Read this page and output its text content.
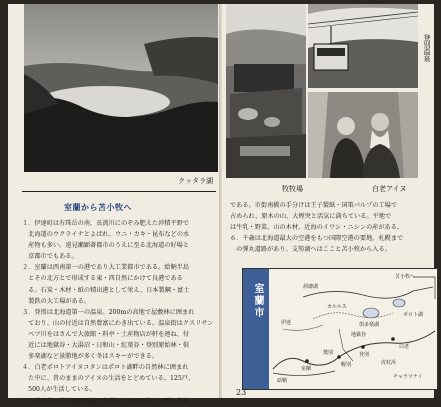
クッタラ湖
室蘭から苫小牧へ

１．伊達町は有珠岳の南、長流川にのぞみ肥えた沖積平野で

　北海道のウクライナとよばれ、ウニ・カキ・昆布などの水

　産物も多い。遠見瀬顕著都市のうえに至る北海道の好場と

　京都市でもある。

２．室蘭は西南第一の港であり大工業都市である。絵鞆半島

　とその北方とで形成する東・西自然にかけて良港である

　る。石炭・木材・紙の積出港として栄え、日本製鋼・富士

　製鉄の大工場がある。

３．登別は北海道第一の温泉。200mの高地で屋敷林に囲まれ

　ており、山の付近は自然豊富にわき出ている。温泉街はクスリサン

　ベツ川をはさんで大旅館・料亭・土産物店が軒を連ね、付

　近には地獄谷・大湯沼・日和山・紅葉谷・登別原始林・倶

　多楽湖など景勝地が多く冬はスキーができる。

４．白老ポロトアイヌコタンはポロト湖畔の自然林に囲まれ

　た中に、昔のままのアイヌの生活をとどめている。125戸、

　500人が生活している。

５．苫小牧は勇払原野西隅に位置し、わが国第一の紙の都市

牧牧場
登別温泉
白老アイヌ

である。市街南橋の手分けは王子製紙・国策パルプの工場で

占められ、原木の山、大煙突と活気に満ちている。平地で

は牛乳・野菜、山の木材、近海のイワシ・ニシンの産がある。

６．千歳は北海道最大の空港をもつ国際空港の要地。札幌まで

　の弾丸道路があり、支笏湖へはここと苫小牧から入る。

室蘭市
苫小牧へ
白老
登別
伊達
室蘭
虎杖浜
倶多楽湖
地獄谷
カルルス
ポロト湖
洞爺湖
鷲別
幌別
絵鞆
チャラツナイ
23
